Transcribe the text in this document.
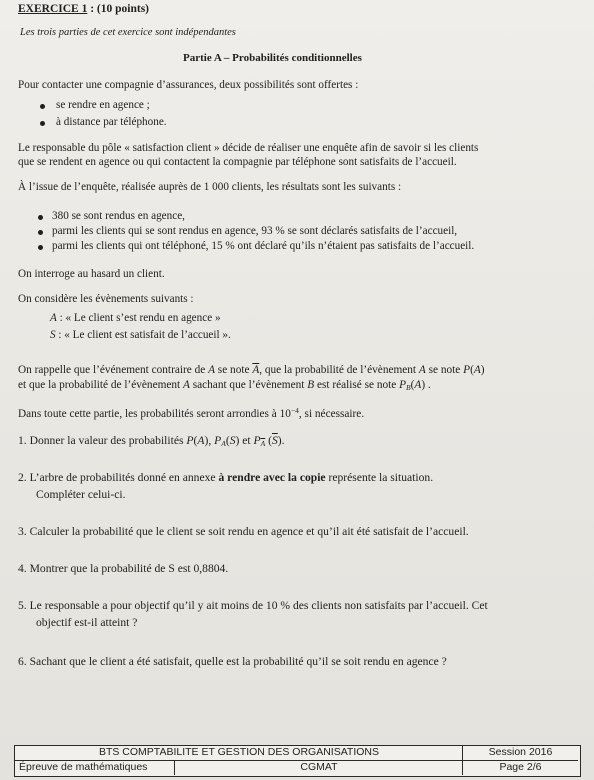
EXERCICE 1 : (10 points)
Les trois parties de cet exercice sont indépendantes
Partie A – Probabilités conditionnelles
Pour contacter une compagnie d’assurances, deux possibilités sont offertes :
se rendre en agence ;
à distance par téléphone.
Le responsable du pôle « satisfaction client » décide de réaliser une enquête afin de savoir si les clients
que se rendent en agence ou qui contactent la compagnie par téléphone sont satisfaits de l’accueil.
À l’issue de l’enquête, réalisée auprès de 1 000 clients, les résultats sont les suivants :
380 se sont rendus en agence,
parmi les clients qui se sont rendus en agence, 93 % se sont déclarés satisfaits de l’accueil,
parmi les clients qui ont téléphoné, 15 % ont déclaré qu’ils n’étaient pas satisfaits de l’accueil.
On interroge au hasard un client.
On considère les évènements suivants :
A : « Le client s’est rendu en agence »
S : « Le client est satisfait de l’accueil ».
On rappelle que l’événement contraire de A se note $\overline{A}$, que la probabilité de l’évènement A se note P(A)
et que la probabilité de l’évènement A sachant que l’évènement B est réalisé se note $P_B(A)$ .
Dans toute cette partie, les probabilités seront arrondies à $10^{-4}$, si nécessaire.
1. Donner la valeur des probabilités P(A), $P_A(S)$ et $P_{\overline{A}}$ $(\overline{S})$.
2. L’arbre de probabilités donné en annexe à rendre avec la copie représente la situation.
Compléter celui-ci.
3. Calculer la probabilité que le client se soit rendu en agence et qu’il ait été satisfait de l’accueil.
4. Montrer que la probabilité de S est 0,8804.
5. Le responsable a pour objectif qu’il y ait moins de 10 % des clients non satisfaits par l’accueil. Cet
objectif est-il atteint ?
6. Sachant que le client a été satisfait, quelle est la probabilité qu’il se soit rendu en agence ?
BTS COMPTABILITE ET GESTION DES ORGANISATIONS	Session 2016
Épreuve de mathématiques	CGMAT	Page 2/6
